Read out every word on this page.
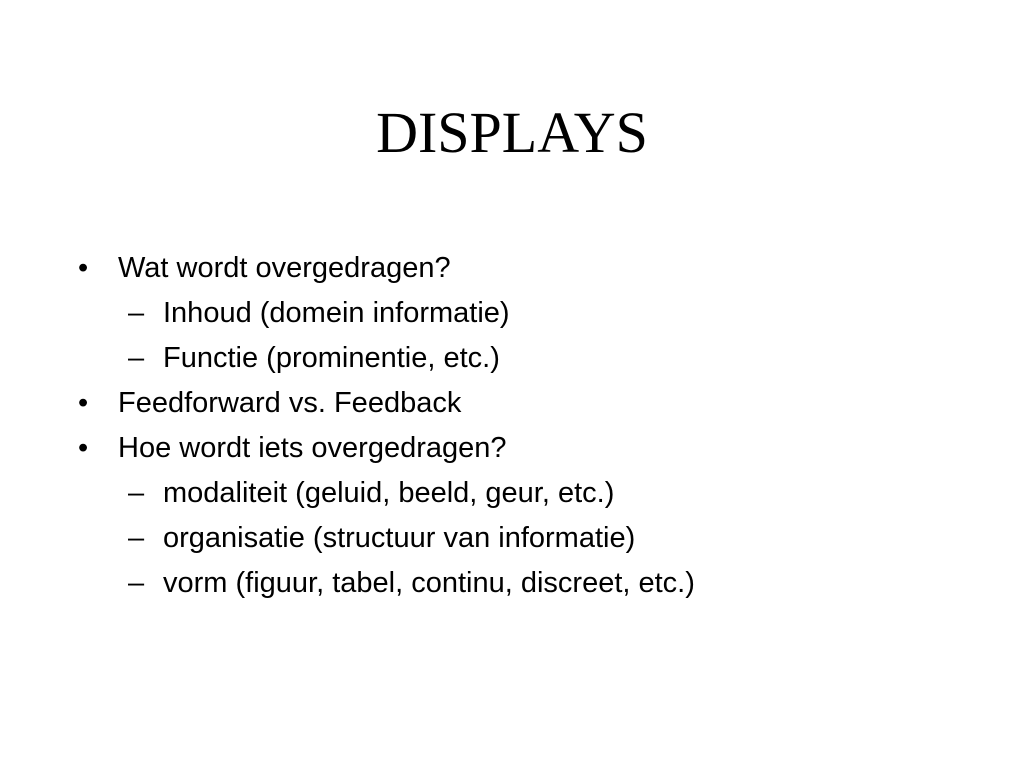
DISPLAYS
• Wat wordt overgedragen?
– Inhoud (domein informatie)
– Functie (prominentie, etc.)
• Feedforward vs. Feedback
• Hoe wordt iets overgedragen?
– modaliteit (geluid, beeld, geur, etc.)
– organisatie (structuur van informatie)
– vorm (figuur, tabel, continu, discreet, etc.)
